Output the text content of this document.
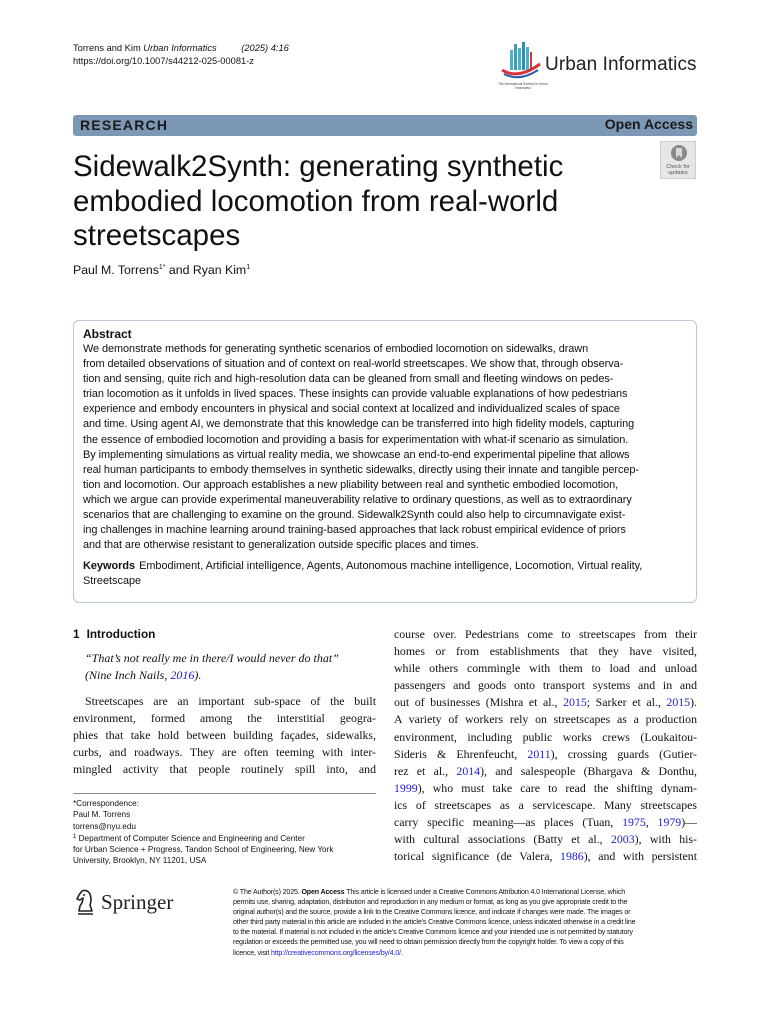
Torrens and Kim Urban Informatics	(2025) 4:16
https://doi.org/10.1007/s44212-025-00081-z	Urban Informatics
The International Society for Urban Informatics
RESEARCH	Open Access
Sidewalk2Synth: generating synthetic
embodied locomotion from real-world
streetscapes
Check for
updates
Paul M. Torrens$^{1*}$ and Ryan Kim$^1$
Abstract
We demonstrate methods for generating synthetic scenarios of embodied locomotion on sidewalks, drawn
from detailed observations of situation and of context on real-world streetscapes. We show that, through observa-
tion and sensing, quite rich and high-resolution data can be gleaned from small and fleeting windows on pedes-
trian locomotion as it unfolds in lived spaces. These insights can provide valuable explanations of how pedestrians
experience and embody encounters in physical and social context at localized and individualized scales of space
and time. Using agent AI, we demonstrate that this knowledge can be transferred into high fidelity models, capturing
the essence of embodied locomotion and providing a basis for experimentation with what-if scenario as simulation.
By implementing simulations as virtual reality media, we showcase an end-to-end experimental pipeline that allows
real human participants to embody themselves in synthetic sidewalks, directly using their innate and tangible percep-
tion and locomotion. Our approach establishes a new pliability between real and synthetic embodied locomotion,
which we argue can provide experimental maneuverability relative to ordinary questions, as well as to extraordinary
scenarios that are challenging to examine on the ground. Sidewalk2Synth could also help to circumnavigate exist-
ing challenges in machine learning around training-based approaches that lack robust empirical evidence of priors
and that are otherwise resistant to generalization outside specific places and times.
Keywords Embodiment, Artificial intelligence, Agents, Autonomous machine intelligence, Locomotion, Virtual reality,
Streetscape
1 Introduction
“That’s not really me in there/I would never do that”
(Nine Inch Nails, 2016).
Streetscapes are an important sub-space of the built
environment, formed among the interstitial geogra-
phies that take hold between building façades, sidewalks,
curbs, and roadways. They are often teeming with inter-
mingled activity that people routinely spill into, and
course over. Pedestrians come to streetscapes from their
homes or from establishments that they have visited,
while others commingle with them to load and unload
passengers and goods onto transport systems and in and
out of businesses (Mishra et al., 2015; Sarker et al., 2015).
A variety of workers rely on streetscapes as a production
environment, including public works crews (Loukaitou-
Sideris & Ehrenfeucht, 2011), crossing guards (Gutier-
rez et al., 2014), and salespeople (Bhargava & Donthu,
1999), who must take care to read the shifting dynam-
ics of streetscapes as a servicescape. Many streetscapes
carry specific meaning—as places (Tuan, 1975, 1979)—
with cultural associations (Batty et al., 2003), with his-
torical significance (de Valera, 1986), and with persistent
*Correspondence:
Paul M. Torrens
torrens@nyu.edu
$^1$ Department of Computer Science and Engineering and Center
for Urban Science + Progress, Tandon School of Engineering, New York
University, Brooklyn, NY 11201, USA
Springer	© The Author(s) 2025. Open Access This article is licensed under a Creative Commons Attribution 4.0 International License, which
permits use, sharing, adaptation, distribution and reproduction in any medium or format, as long as you give appropriate credit to the
original author(s) and the source, provide a link to the Creative Commons licence, and indicate if changes were made. The images or
other third party material in this article are included in the article’s Creative Commons licence, unless indicated otherwise in a credit line
to the material. If material is not included in the article’s Creative Commons licence and your intended use is not permitted by statutory
regulation or exceeds the permitted use, you will need to obtain permission directly from the copyright holder. To view a copy of this
licence, visit http://creativecommons.org/licenses/by/4.0/.
